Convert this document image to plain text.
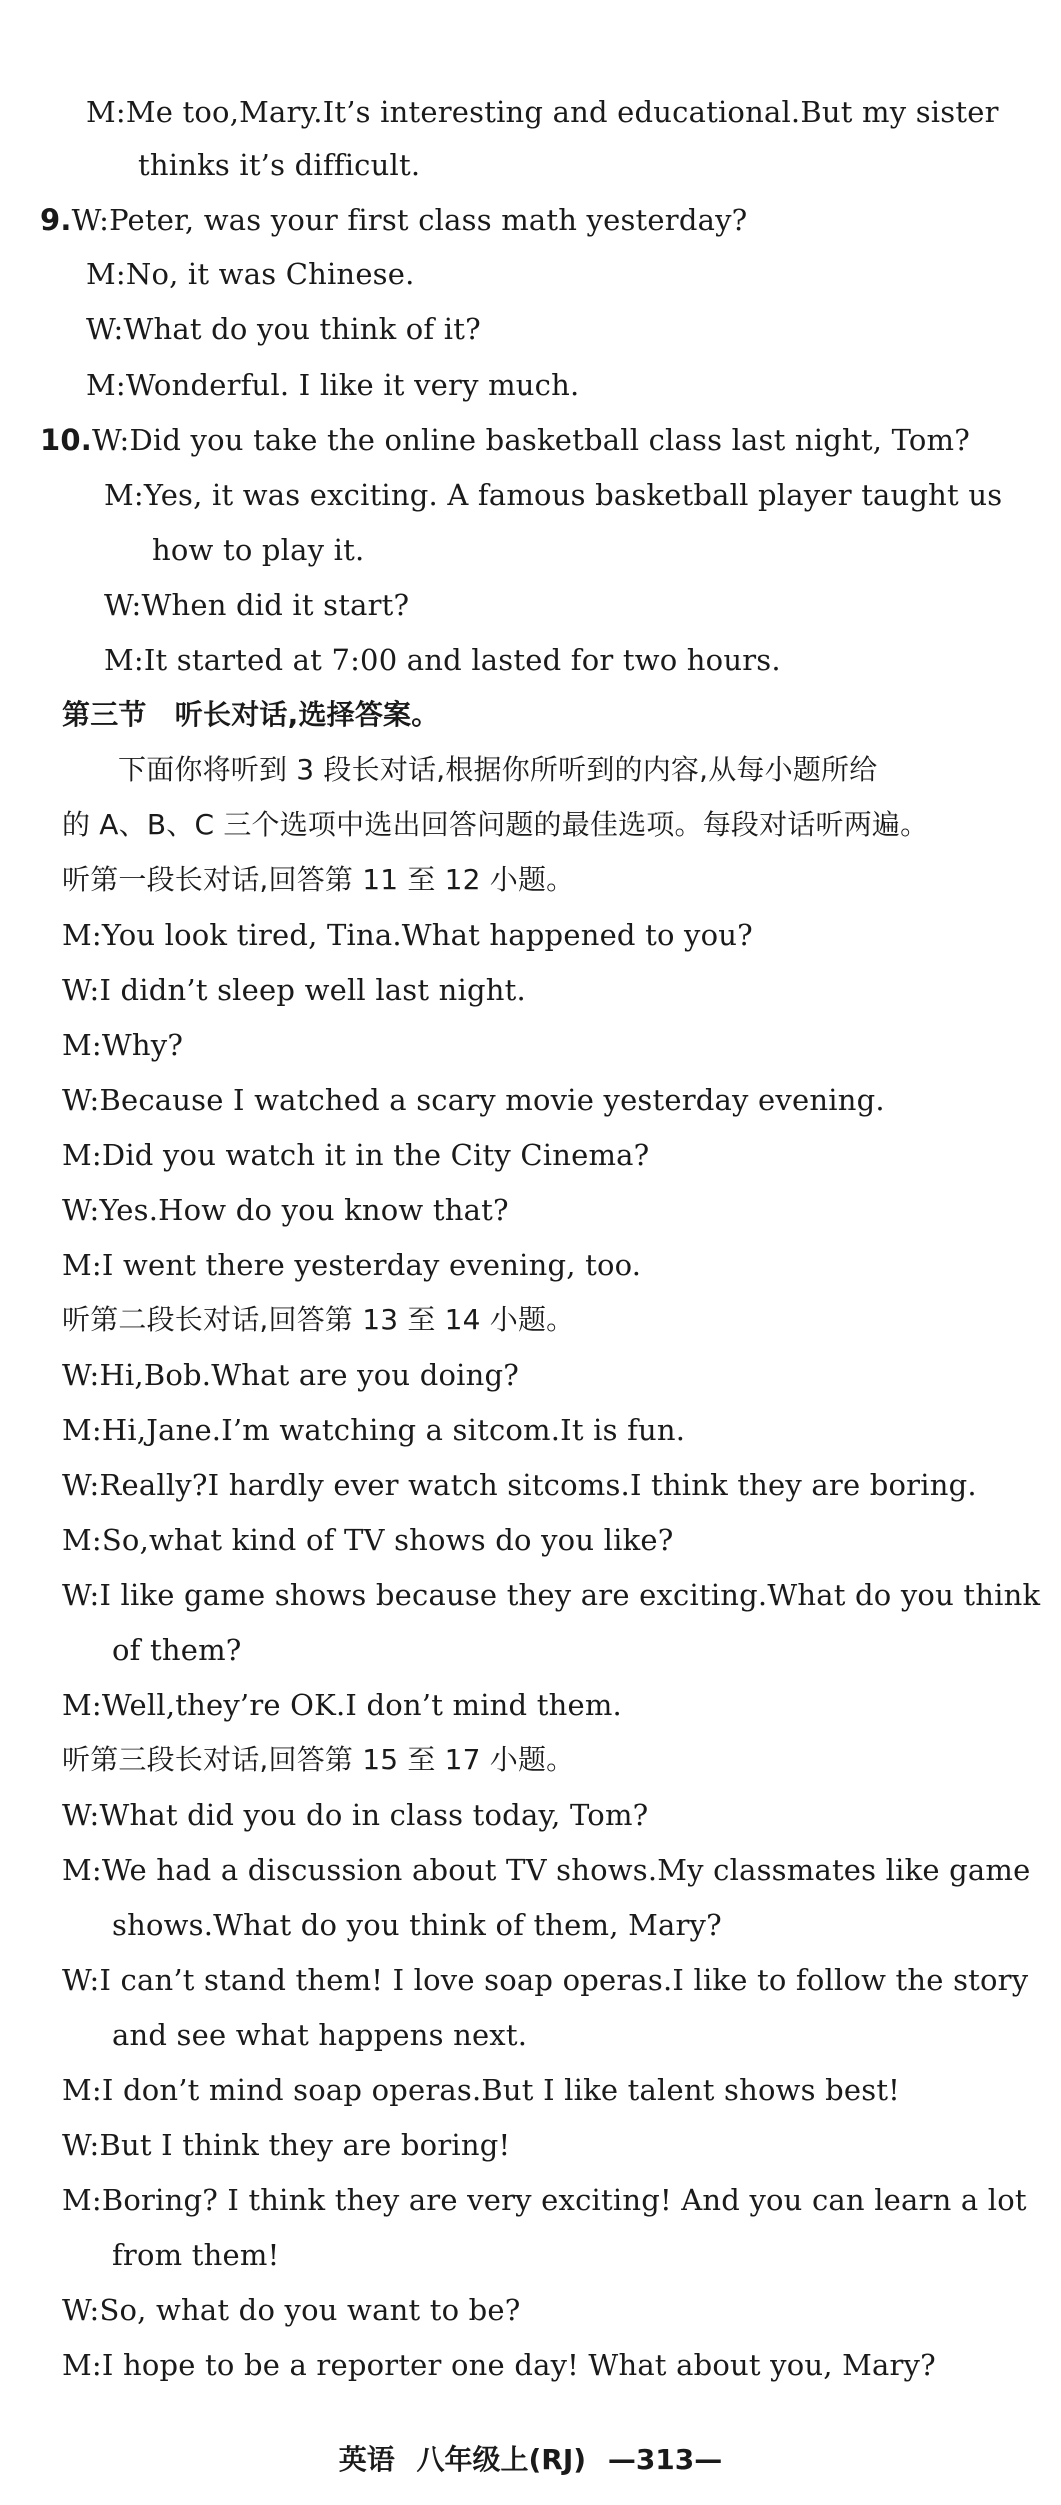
M:Me too,Mary.It’s interesting and educational.But my sister
thinks it’s difficult.
9.W:Peter, was your first class math yesterday?
M:No, it was Chinese.
W:What do you think of it?
M:Wonderful. I like it very much.
10.W:Did you take the online basketball class last night, Tom?
M:Yes, it was exciting. A famous basketball player taught us
how to play it.
W:When did it start?
M:It started at 7:00 and lasted for two hours.
第三节　听长对话,选择答案。
下面你将听到 3 段长对话,根据你所听到的内容,从每小题所给
的 A、B、C 三个选项中选出回答问题的最佳选项。每段对话听两遍。
听第一段长对话,回答第 11 至 12 小题。
M:You look tired, Tina.What happened to you?
W:I didn’t sleep well last night.
M:Why?
W:Because I watched a scary movie yesterday evening.
M:Did you watch it in the City Cinema?
W:Yes.How do you know that?
M:I went there yesterday evening, too.
听第二段长对话,回答第 13 至 14 小题。
W:Hi,Bob.What are you doing?
M:Hi,Jane.I’m watching a sitcom.It is fun.
W:Really?I hardly ever watch sitcoms.I think they are boring.
M:So,what kind of TV shows do you like?
W:I like game shows because they are exciting.What do you think
of them?
M:Well,they’re OK.I don’t mind them.
听第三段长对话,回答第 15 至 17 小题。
W:What did you do in class today, Tom?
M:We had a discussion about TV shows.My classmates like game
shows.What do you think of them, Mary?
W:I can’t stand them! I love soap operas.I like to follow the story
and see what happens next.
M:I don’t mind soap operas.But I like talent shows best!
W:But I think they are boring!
M:Boring? I think they are very exciting! And you can learn a lot
from them!
W:So, what do you want to be?
M:I hope to be a reporter one day! What about you, Mary?
英语 八年级上(RJ) —313—
